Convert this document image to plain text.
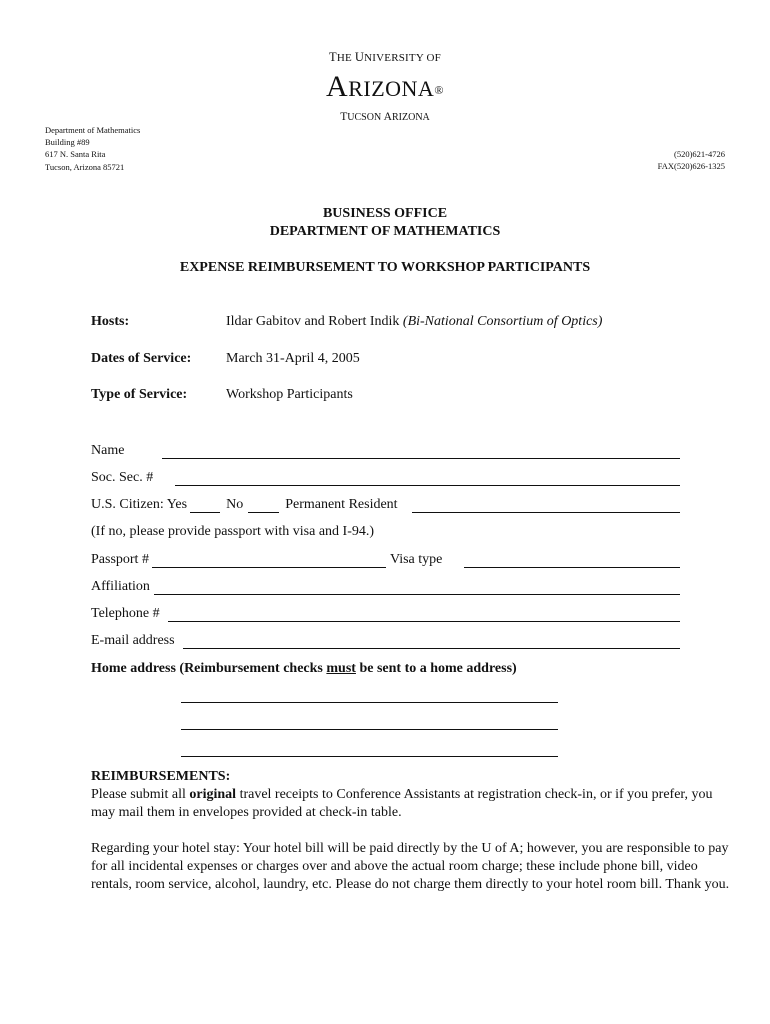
THE UNIVERSITY OF
ARIZONA®
TUCSON ARIZONA
Department of Mathematics
Building #89
617 N. Santa Rita
Tucson, Arizona 85721
(520)621-4726
FAX(520)626-1325
BUSINESS OFFICE
DEPARTMENT OF MATHEMATICS
EXPENSE REIMBURSEMENT TO WORKSHOP PARTICIPANTS
Hosts:	Ildar Gabitov and Robert Indik (Bi-National Consortium of Optics)
Dates of Service: March 31-April 4, 2005
Type of Service:	Workshop Participants
Name
Soc. Sec. #
U.S. Citizen: Yes	No	Permanent Resident
(If no, please provide passport with visa and I-94.)
Passport #	Visa type
Affiliation
Telephone #
E-mail address
Home address (Reimbursement checks must be sent to a home address)
REIMBURSEMENTS:
Please submit all original travel receipts to Conference Assistants at registration check-in, or if you prefer, you may mail them in envelopes provided at check-in table.
Regarding your hotel stay: Your hotel bill will be paid directly by the U of A; however, you are responsible to pay for all incidental expenses or charges over and above the actual room charge; these include phone bill, video rentals, room service, alcohol, laundry, etc. Please do not charge them directly to your hotel room bill. Thank you.
